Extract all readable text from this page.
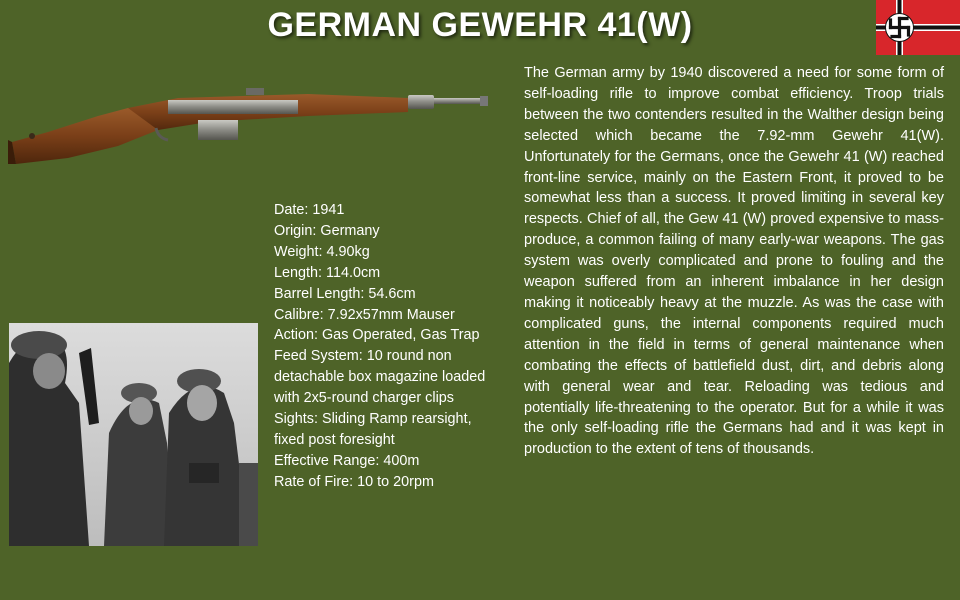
GERMAN GEWEHR 41(W)
Date: 1941
Origin: Germany
Weight: 4.90kg
Length: 114.0cm
Barrel Length: 54.6cm
Calibre: 7.92x57mm Mauser
Action: Gas Operated, Gas Trap
Feed System: 10 round non detachable box magazine loaded with 2x5-round charger clips
Sights: Sliding Ramp rearsight, fixed post foresight
Effective Range: 400m
Rate of Fire: 10 to 20rpm

The German army by 1940 discovered a need for some form of self-loading rifle to improve combat efficiency. Troop trials between the two contenders resulted in the Walther design being selected which became the 7.92-mm Gewehr 41(W). Unfortunately for the Germans, once the Gewehr 41 (W) reached front-line service, mainly on the Eastern Front, it proved to be somewhat less than a success. It proved limiting in several key respects. Chief of all, the Gew 41 (W) proved expensive to mass-produce, a common failing of many early-war weapons. The gas system was overly complicated and prone to fouling and the weapon suffered from an inherent imbalance in her design making it noticeably heavy at the muzzle. As was the case with complicated guns, the internal components required much attention in the field in terms of general maintenance when combating the effects of battlefield dust, dirt, and debris along with general wear and tear. Reloading was tedious and potentially life-threatening to the operator. But for a while it was the only self-loading rifle the Germans had and it was kept in production to the extent of tens of thousands.
